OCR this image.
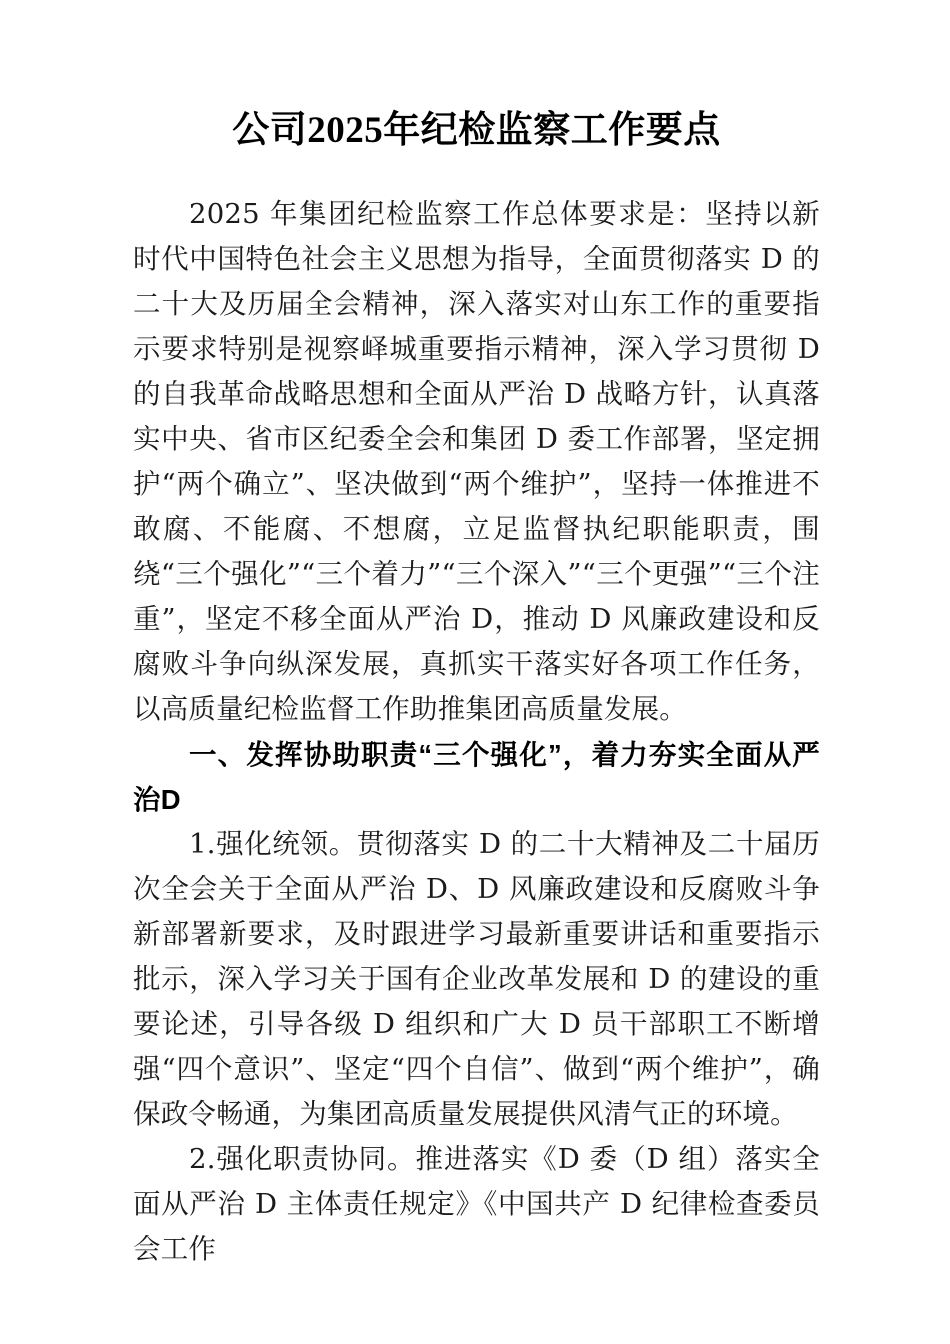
公司2025年纪检监察工作要点

2025 年集团纪检监察工作总体要求是：坚持以新时代中国特色社会主义思想为指导，全面贯彻落实 D 的二十大及历届全会精神，深入落实对山东工作的重要指示要求特别是视察峄城重要指示精神，深入学习贯彻 D 的自我革命战略思想和全面从严治 D 战略方针，认真落实中央、省市区纪委全会和集团 D 委工作部署，坚定拥护“两个确立”、坚决做到“两个维护”，坚持一体推进不敢腐、不能腐、不想腐，立足监督执纪职能职责，围绕“三个强化”“三个着力”“三个深入”“三个更强”“三个注重”，坚定不移全面从严治 D，推动 D 风廉政建设和反腐败斗争向纵深发展，真抓实干落实好各项工作任务，以高质量纪检监督工作助推集团高质量发展。

一、发挥协助职责“三个强化”，着力夯实全面从严治D

1.强化统领。贯彻落实 D 的二十大精神及二十届历次全会关于全面从严治 D、D 风廉政建设和反腐败斗争新部署新要求，及时跟进学习最新重要讲话和重要指示批示，深入学习关于国有企业改革发展和 D 的建设的重要论述，引导各级 D 组织和广大 D 员干部职工不断增强“四个意识”、坚定“四个自信”、做到“两个维护”，确保政令畅通，为集团高质量发展提供风清气正的环境。

2.强化职责协同。推进落实《D 委（D 组）落实全面从严治 D 主体责任规定》《中国共产 D 纪律检查委员会工作
